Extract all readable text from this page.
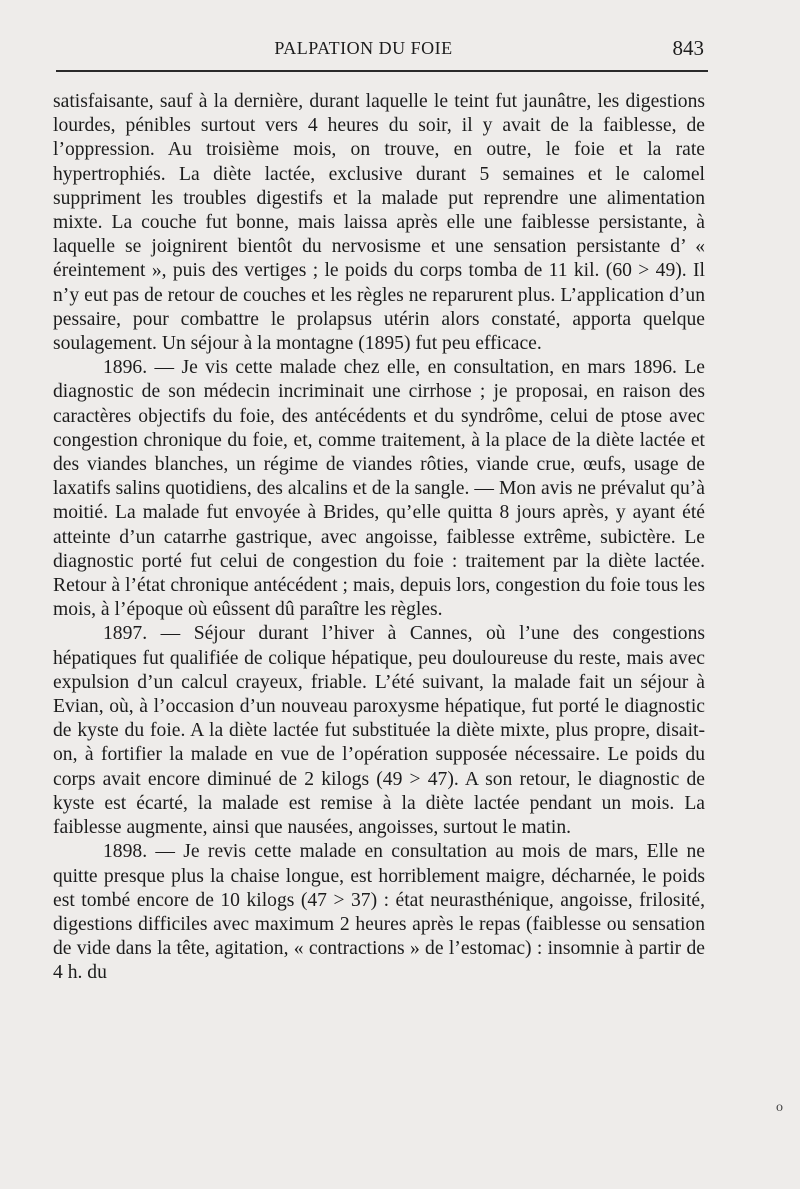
PALPATION DU FOIE	843

satisfaisante, sauf à la dernière, durant laquelle le teint fut jaunâtre, les digestions lourdes, pénibles surtout vers 4 heures du soir, il y avait de la faiblesse, de l’oppression. Au troisième mois, on trouve, en outre, le foie et la rate hypertrophiés. La diète lactée, exclusive durant 5 semaines et le calomel suppriment les troubles digestifs et la malade put reprendre une alimentation mixte. La couche fut bonne, mais laissa après elle une faiblesse persistante, à laquelle se joignirent bientôt du nervosisme et une sensation persistante d’ « éreintement », puis des vertiges ; le poids du corps tomba de 11 kil. (60 > 49). Il n’y eut pas de retour de couches et les règles ne reparurent plus. L’application d’un pessaire, pour combattre le prolapsus utérin alors constaté, apporta quelque soulagement. Un séjour à la montagne (1895) fut peu efficace.

1896. — Je vis cette malade chez elle, en consultation, en mars 1896. Le diagnostic de son médecin incriminait une cirrhose ; je proposai, en raison des caractères objectifs du foie, des antécédents et du syndrôme, celui de ptose avec congestion chronique du foie, et, comme traitement, à la place de la diète lactée et des viandes blanches, un régime de viandes rôties, viande crue, œufs, usage de laxatifs salins quotidiens, des alcalins et de la sangle. — Mon avis ne prévalut qu’à moitié. La malade fut envoyée à Brides, qu’elle quitta 8 jours après, y ayant été atteinte d’un catarrhe gastrique, avec angoisse, faiblesse extrême, subictère. Le diagnostic porté fut celui de congestion du foie : traitement par la diète lactée. Retour à l’état chronique antécédent ; mais, depuis lors, congestion du foie tous les mois, à l’époque où eûssent dû paraître les règles.

1897. — Séjour durant l’hiver à Cannes, où l’une des congestions hépatiques fut qualifiée de colique hépatique, peu douloureuse du reste, mais avec expulsion d’un calcul crayeux, friable. L’été suivant, la malade fait un séjour à Evian, où, à l’occasion d’un nouveau paroxysme hépatique, fut porté le diagnostic de kyste du foie. A la diète lactée fut substituée la diète mixte, plus propre, disait-on, à fortifier la malade en vue de l’opération supposée nécessaire. Le poids du corps avait encore diminué de 2 kilogs (49 > 47). A son retour, le diagnostic de kyste est écarté, la malade est remise à la diète lactée pendant un mois. La faiblesse augmente, ainsi que nausées, angoisses, surtout le matin.

1898. — Je revis cette malade en consultation au mois de mars, Elle ne quitte presque plus la chaise longue, est horriblement maigre, décharnée, le poids est tombé encore de 10 kilogs (47 > 37) : état neurasthénique, angoisse, frilosité, digestions difficiles avec maximum 2 heures après le repas (faiblesse ou sensation de vide dans la tête, agitation, « contractions » de l’estomac) : insomnie à partir de 4 h. du

o
